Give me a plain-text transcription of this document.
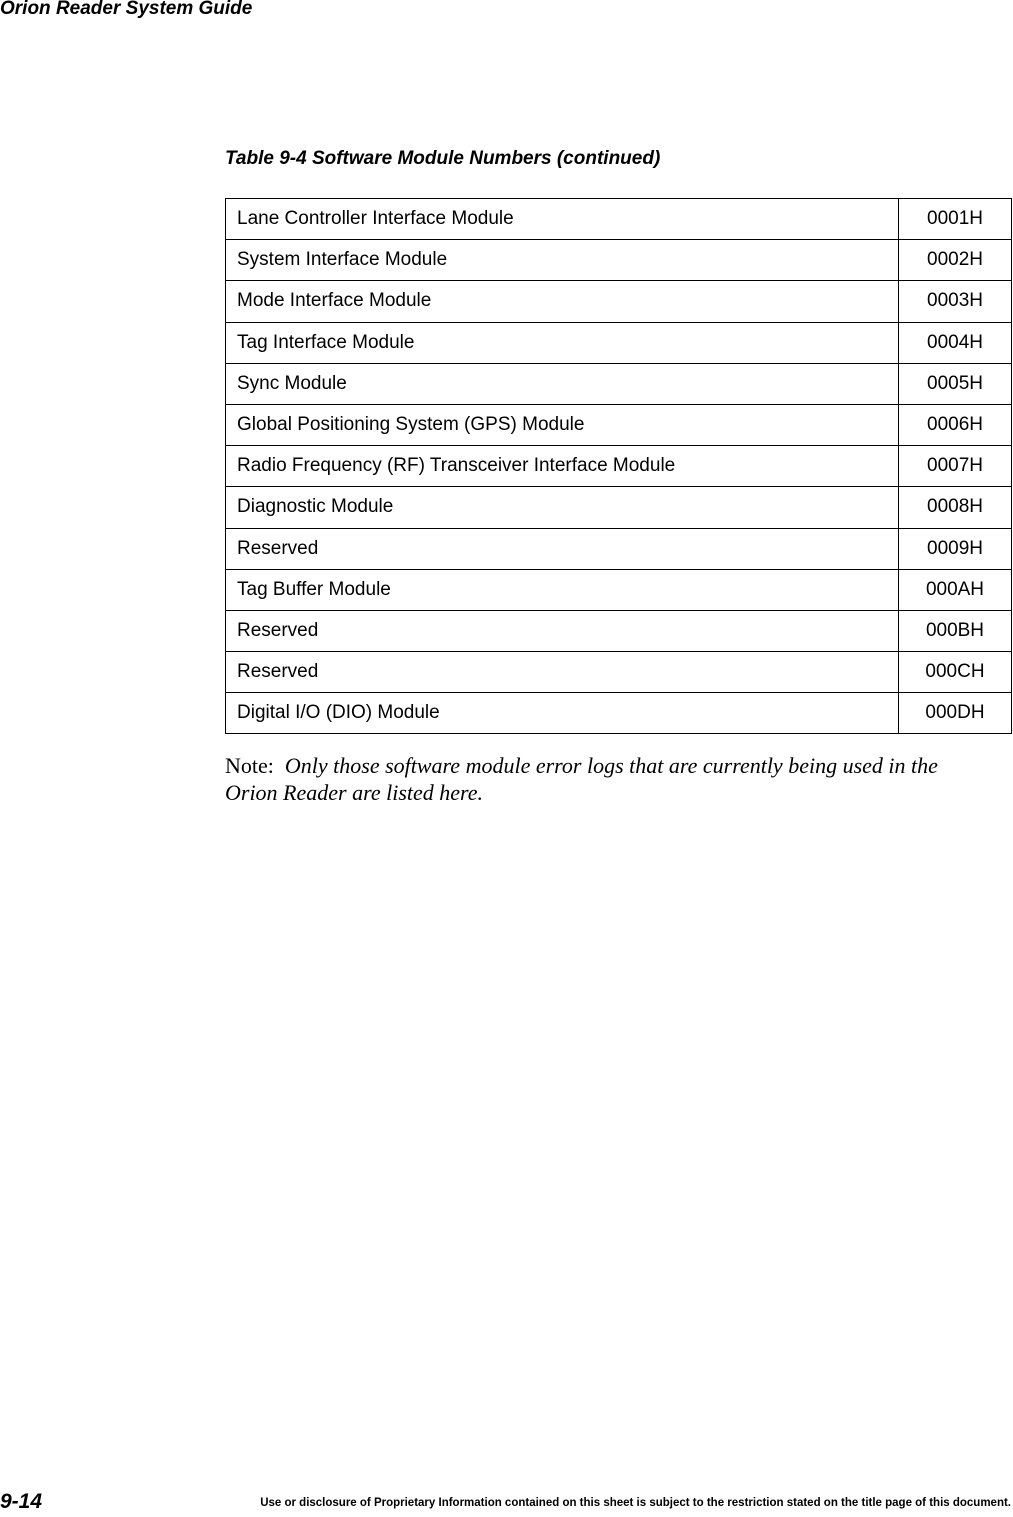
Orion Reader System Guide
Table 9-4 Software Module Numbers (continued)
Lane Controller Interface Module	0001H
System Interface Module	0002H
Mode Interface Module	0003H
Tag Interface Module	0004H
Sync Module	0005H
Global Positioning System (GPS) Module	0006H
Radio Frequency (RF) Transceiver Interface Module	0007H
Diagnostic Module	0008H
Reserved	0009H
Tag Buffer Module	000AH
Reserved	000BH
Reserved	000CH
Digital I/O (DIO) Module	000DH
Note: Only those software module error logs that are currently being used in the Orion Reader are listed here.
9-14	Use or disclosure of Proprietary Information contained on this sheet is subject to the restriction stated on the title page of this document.
